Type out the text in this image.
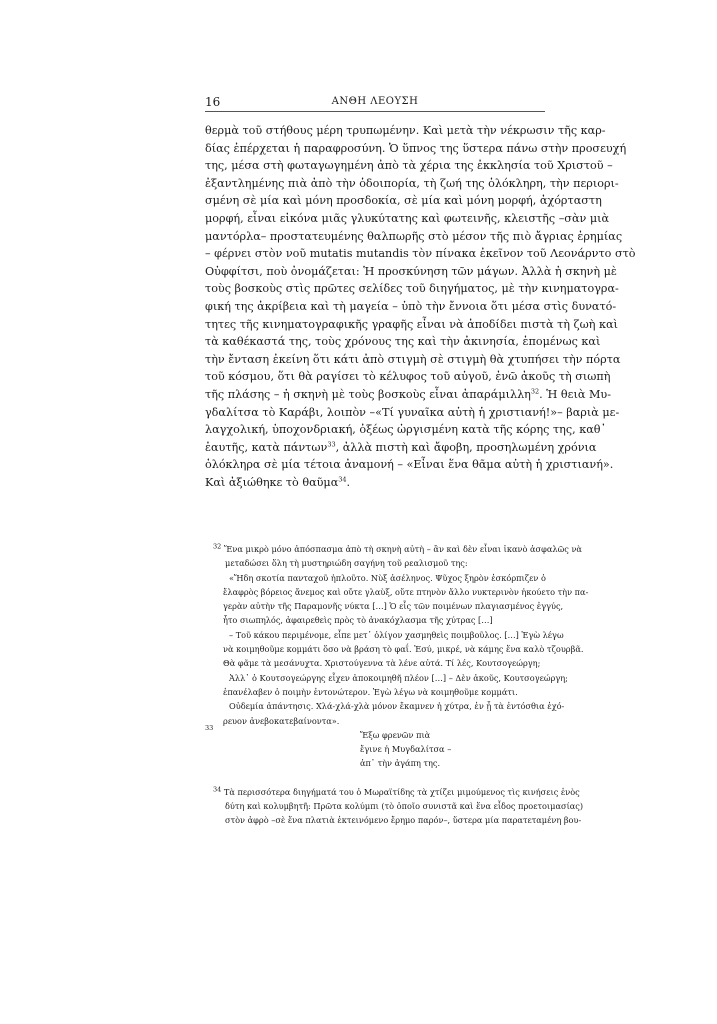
16	ΑΝΘΗ ΛΕΟΥΣΗ
θερμὰ τοῦ στήθους μέρη τρυπωμένην. Καὶ μετὰ τὴν νέκρωσιν τῆς καρ-
δίας ἐπέρχεται ἡ παραφροσύνη. Ὁ ὕπνος της ὕστερα πάνω στὴν προσευχή
της, μέσα στὴ φωταγωγημένη ἀπὸ τὰ χέρια της ἐκκλησία τοῦ Χριστοῦ –
ἐξαντλημένης πιὰ ἀπὸ τὴν ὁδοιπορία, τὴ ζωή της ὁλόκληρη, τὴν περιορι-
σμένη σὲ μία καὶ μόνη προσδοκία, σὲ μία καὶ μόνη μορφή, ἀχόρταστη
μορφή, εἶναι εἰκόνα μιᾶς γλυκύτατης καὶ φωτεινῆς, κλειστῆς –σὰν μιὰ
μαντόρλα– προστατευμένης θαλπωρῆς στὸ μέσον τῆς πιὸ ἄγριας ἐρημίας
– φέρνει στὸν νοῦ mutatis mutandis τὸν πίνακα ἐκεῖνον τοῦ Λεονάρντο στὸ
Οὐφφίτσι, ποὺ ὀνομάζεται: Ἡ προσκύνηση τῶν μάγων. Ἀλλὰ ἡ σκηνὴ μὲ
τοὺς βοσκοὺς στὶς πρῶτες σελίδες τοῦ διηγήματος, μὲ τὴν κινηματογρα-
φική της ἀκρίβεια καὶ τὴ μαγεία – ὑπὸ τὴν ἔννοια ὅτι μέσα στὶς δυνατό-
τητες τῆς κινηματογραφικῆς γραφῆς εἶναι νὰ ἀποδίδει πιστὰ τὴ ζωὴ καὶ
τὰ καθέκαστά της, τοὺς χρόνους της καὶ τὴν ἀκινησία, ἑπομένως καὶ
τὴν ἔνταση ἐκείνη ὅτι κάτι ἀπὸ στιγμὴ σὲ στιγμὴ θὰ χτυπήσει τὴν πόρτα
τοῦ κόσμου, ὅτι θὰ ραγίσει τὸ κέλυφος τοῦ αὐγοῦ, ἐνῶ ἀκοῦς τὴ σιωπὴ
τῆς πλάσης – ἡ σκηνὴ μὲ τοὺς βοσκοὺς εἶναι ἀπαράμιλλη$^{32}$. Ἡ θειὰ Μυ-
γδαλίτσα τὸ Καράβι, λοιπὸν –«Τί γυναῖκα αὐτὴ ἡ χριστιανή!»– βαριὰ με-
λαγχολική, ὑποχονδριακή, ὀξέως ὠργισμένη κατὰ τῆς κόρης της, καθ᾽
ἑαυτῆς, κατὰ πάντων$^{33}$, ἀλλὰ πιστὴ καὶ ἄφοβη, προσηλωμένη χρόνια
ὁλόκληρα σὲ μία τέτοια ἀναμονή – «Εἶναι ἕνα θᾶμα αὐτὴ ἡ χριστιανή».
Καὶ ἀξιώθηκε τὸ θαῦμα$^{34}$.
$^{32}$ Ἕνα μικρὸ μόνο ἀπόσπασμα ἀπὸ τὴ σκηνὴ αὐτὴ – ἂν καὶ δὲν εἶναι ἱκανὸ ἀσφαλῶς νὰ
μεταδώσει ὅλη τὴ μυστηριώδη σαγήνη τοῦ ρεαλισμοῦ της:
«Ἤδη σκοτία πανταχοῦ ἡπλοῦτο. Νὺξ ἀσέληνος. Ψῦχος ξηρὸν ἐσκόρπιζεν ὁ
ἔλαφρὸς βόρειος ἄνεμος καὶ οὔτε γλαὺξ, οὔτε πτηνὸν ἄλλο νυκτερινὸν ἠκούετο τὴν πα-
γερὰν αὐτὴν τῆς Παραμονῆς νύκτα […] Ὁ εἷς τῶν ποιμένων πλαγιασμένος ἐγγύς,
ἦτο σιωπηλός, ἀφαιρεθεὶς πρὸς τὸ ἀνακόχλασμα τῆς χύτρας […]
– Τοῦ κάκου περιμένομε, εἶπε μετ᾽ ὀλίγον χασμηθεὶς ποιμβοῦλος. […] Ἐγὼ λέγω
νὰ κοιμηθοῦμε κομμάτι ὅσο νὰ βράση τὸ φαΐ. Ἐσύ, μικρέ, νὰ κάμης ἕνα καλὸ τζουρβᾶ.
Θὰ φᾶμε τὰ μεσάνυχτα. Χριστούγεννα τὰ λένε αὐτά. Τί λές, Κουτσογεώργη;
Ἀλλ᾽ ὁ Κουτσογεώργης εἶχεν ἀποκοιμηθῆ πλέον […] – Δὲν ἀκοῦς, Κουτσογεώργη;
ἐπανέλαβεν ὁ ποιμὴν ἐντονώτερον. Ἐγὼ λέγω νὰ κοιμηθοῦμε κομμάτι.
Οὐδεμία ἀπάντησις. Χλά-χλά-χλὰ μόνον ἔκαμνεν ἡ χύτρα, ἐν ᾗ τὰ ἐντόσθια ἐχό-
ρευον ἀνεβοκατεβαίνοντα».
33
Ἔξω φρενῶν πιὰ
ἔγινε ἡ Μυγδαλίτσα –
ἀπ᾽ τὴν ἀγάπη της.
$^{34}$ Τὰ περισσότερα διηγήματά του ὁ Μωραϊτίδης τὰ χτίζει μιμούμενος τὶς κινήσεις ἑνὸς
δύτη καὶ κολυμβητῆ: Πρῶτα κολύμπι (τὸ ὁποῖο συνιστᾶ καὶ ἕνα εἶδος προετοιμασίας)
στὸν ἀφρὸ –σὲ ἕνα πλατιὰ ἐκτεινόμενο ἔρημο παρόν–, ὕστερα μία παρατεταμένη βου-
